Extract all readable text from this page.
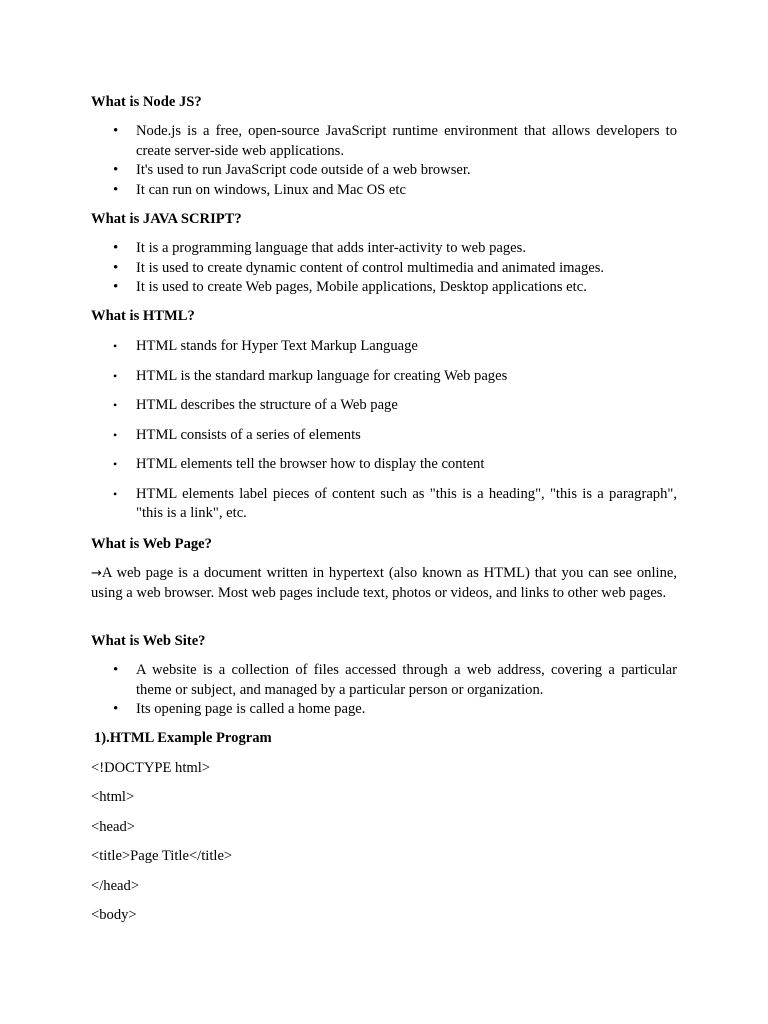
What is Node JS?
• Node.js is a free, open-source JavaScript runtime environment that allows developers to create server-side web applications.
• It's used to run JavaScript code outside of a web browser.
• It can run on windows, Linux and Mac OS etc
What is JAVA SCRIPT?
• It is a programming language that adds inter-activity to web pages.
• It is used to create dynamic content of control multimedia and animated images.
• It is used to create Web pages, Mobile applications, Desktop applications etc.
What is HTML?
• HTML stands for Hyper Text Markup Language
• HTML is the standard markup language for creating Web pages
• HTML describes the structure of a Web page
• HTML consists of a series of elements
• HTML elements tell the browser how to display the content
• HTML elements label pieces of content such as "this is a heading", "this is a paragraph", "this is a link", etc.
What is Web Page?

→A web page is a document written in hypertext (also known as HTML) that you can see online, using a web browser. Most web pages include text, photos or videos, and links to other web pages.

What is Web Site?
• A website is a collection of files accessed through a web address, covering a particular theme or subject, and managed by a particular person or organization.
• Its opening page is called a home page.
1).HTML Example Program
<!DOCTYPE html>
<html>
<head>
<title>Page Title</title>
</head>
<body>
